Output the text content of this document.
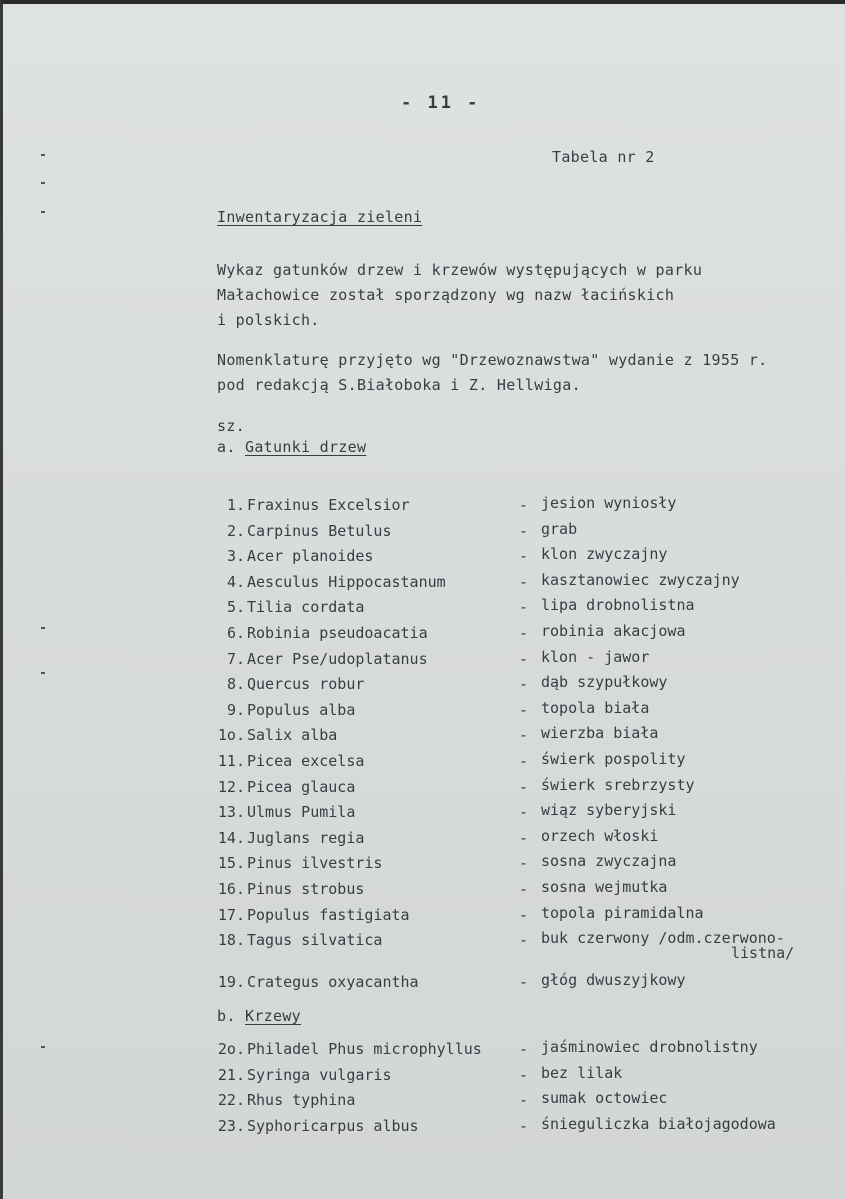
- 11 -
Tabela nr 2
Inwentaryzacja zieleni
Wykaz gatunków drzew i krzewów występujących w parku
Małachowice został sporządzony wg nazw łacińskich
i polskich.
Nomenklaturę przyjęto wg "Drzewoznawstwa" wydanie z 1955 r.
pod redakcją S.Białoboka i Z. Hellwiga.
sz.
a. Gatunki drzew
1. Fraxinus Excelsior	- jesion wyniosły
2. Carpinus Betulus	- grab
3. Acer planoides	- klon zwyczajny
4. Aesculus Hippocastanum	- kasztanowiec zwyczajny
5. Tilia cordata	- lipa drobnolistna
6. Robinia pseudoacatia	- robinia akacjowa
7. Acer Pse/udoplatanus	- klon - jawor
8. Quercus robur	- dąb szypułkowy
9. Populus alba	- topola biała
1o. Salix alba	- wierzba biała
11. Picea excelsa	- świerk pospolity
12. Picea glauca	- świerk srebrzysty
13. Ulmus Pumila	- wiąz syberyjski
14. Juglans regia	- orzech włoski
15. Pinus ilvestris	- sosna zwyczajna
16. Pinus strobus	- sosna wejmutka
17. Populus fastigiata	- topola piramidalna
18. Tagus silvatica	- buk czerwony /odm.czerwono-
listna/
19. Crategus oxyacantha	- głóg dwuszyjkowy
b. Krzewy
2o. Philadel Phus microphyllus - jaśminowiec drobnolistny
21. Syringa vulgaris	- bez lilak
22. Rhus typhina	- sumak octowiec
23. Syphoricarpus albus	- śnieguliczka białojagodowa
